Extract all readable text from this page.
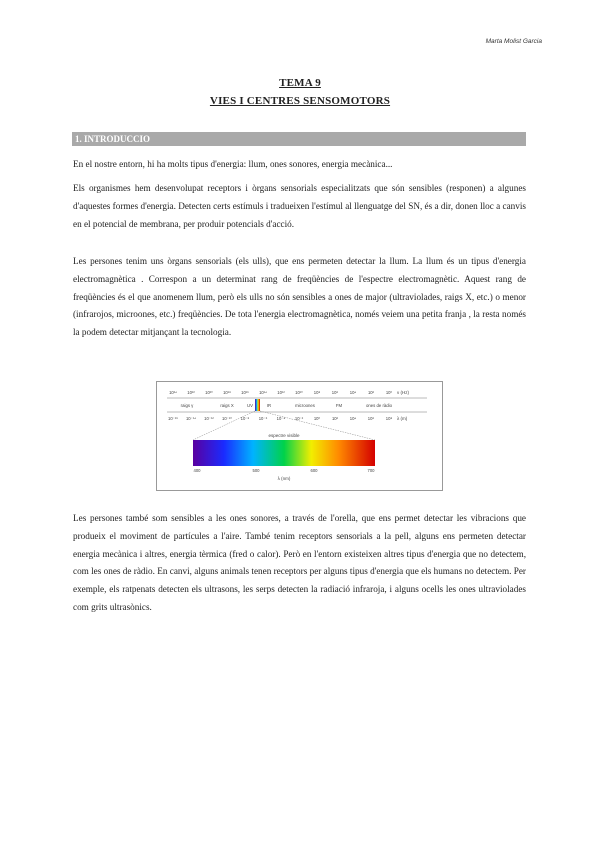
Marta Molist Garcia
TEMA 9
VIES I CENTRES SENSOMOTORS
1. INTRODUCCIO
En el nostre entorn, hi ha molts tipus d'energia: llum, ones sonores, energia mecànica...
Els organismes hem desenvolupat receptors i òrgans sensorials especialitzats que són sensibles (responen) a algunes d'aquestes formes d'energia. Detecten certs estímuls i tradueixen l'estímul al llenguatge del SN, és a dir, donen lloc a canvis en el potencial de membrana, per produir potencials d'acció.
Les persones tenim uns òrgans sensorials (els ulls), que ens permeten detectar la llum. La llum és un tipus d'energia electromagnètica . Correspon a un determinat rang de freqüències de l'espectre electromagnètic. Aquest rang de freqüències és el que anomenem llum, però els ulls no són sensibles a ones de major (ultraviolades, raigs X, etc.) o menor (infrarojos, microones, etc.) freqüències. De tota l'energia electromagnètica, només veiem una petita franja , la resta només la podem detectar mitjançant la tecnologia.
10²⁴ 10²² 10²⁰ 10¹⁸ 10¹⁶ 10¹⁴ 10¹² 10¹⁰	10⁸	10⁶	10⁴	10²	10⁰ ν (Hz)
raigs γ	raigs X	UV	IR	microones	FM	ones de ràdio
10⁻¹⁶ 10⁻¹⁴ 10⁻¹² 10⁻¹⁰ 10⁻⁸ 10⁻⁶ 10⁻⁴ 10⁻²	10⁰	10²	10⁴	10⁶	10⁸ λ (m)
espectre visible
400	500	600	700
λ (nm)
Les persones també som sensibles a les ones sonores, a través de l'orella, que ens permet detectar les vibracions que produeix el moviment de partícules a l'aire. També tenim receptors sensorials a la pell, alguns ens permeten detectar energia mecànica i altres, energia tèrmica (fred o calor). Però en l'entorn existeixen altres tipus d'energia que no detectem, com les ones de ràdio. En canvi, alguns animals tenen receptors per alguns tipus d'energia que els humans no detectem. Per exemple, els ratpenats detecten els ultrasons, les serps detecten la radiació infraroja, i alguns ocells les ones ultraviolades com grits ultrasònics.
